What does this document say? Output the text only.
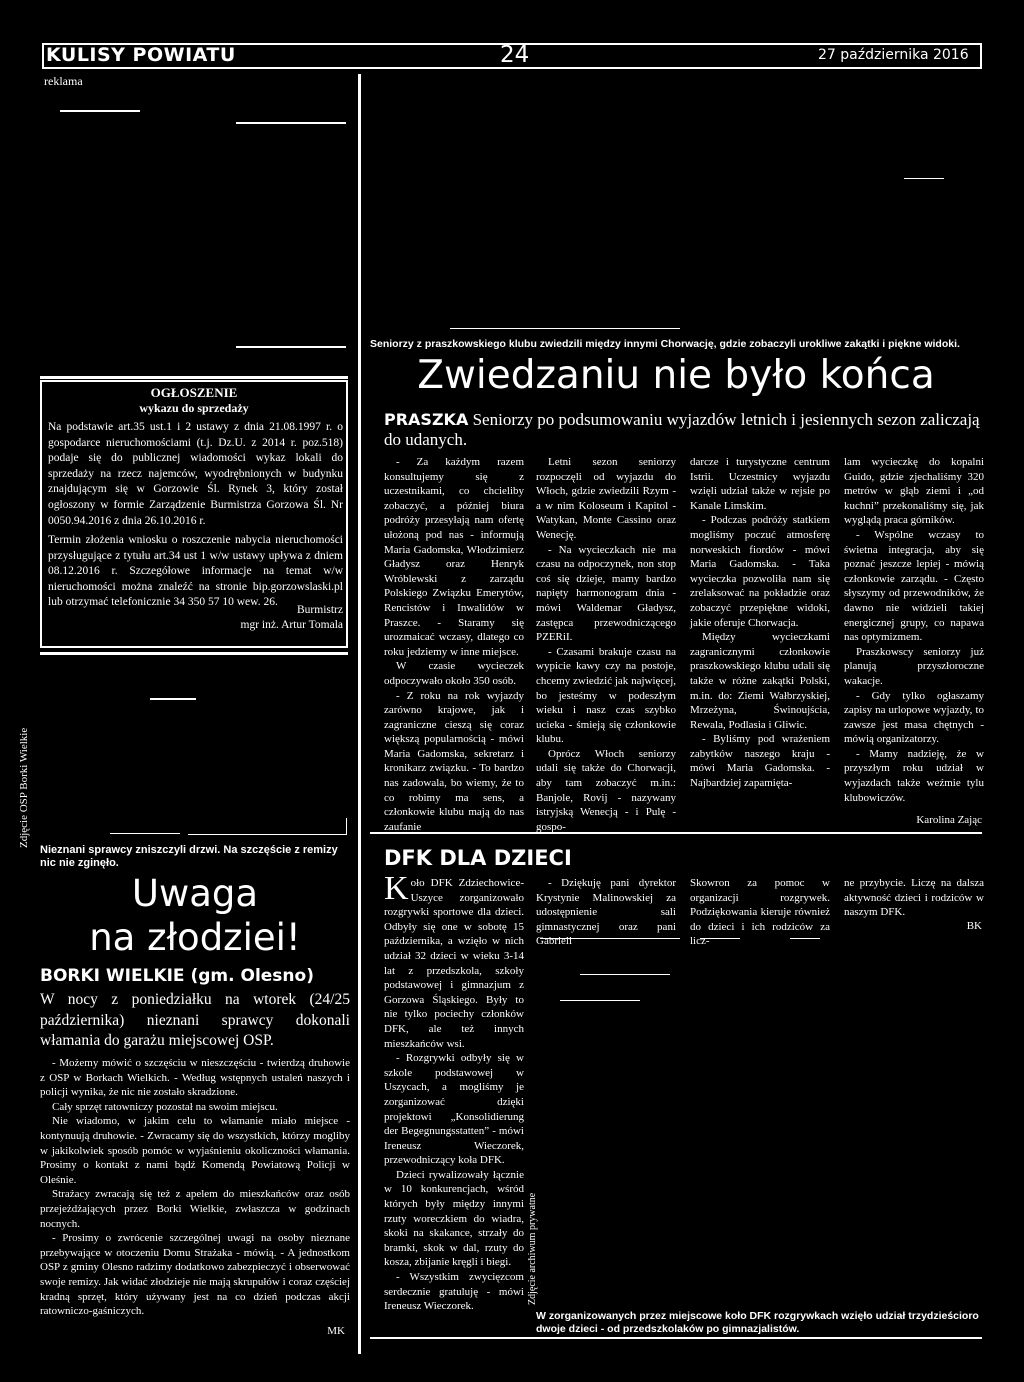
KULISY POWIATU	24	27 października 2016
reklama
OGŁOSZENIE
wykazu do sprzedaży
Na podstawie art.35 ust.1 i 2 ustawy z dnia 21.08.1997 r. o gospodarce nieruchomościami (t.j. Dz.U. z 2014 r. poz.518) podaje się do publicznej wiadomości wykaz lokali do sprzedaży na rzecz najemców, wyodrębnionych w budynku znajdującym się w Gorzowie Śl. Rynek 3, który został ogłoszony w formie Zarządzenie Burmistrza Gorzowa Śl. Nr 0050.94.2016 z dnia 26.10.2016 r.
Termin złożenia wniosku o roszczenie nabycia nieruchomości przysługujące z tytułu art.34 ust 1 w/w ustawy upływa z dniem 08.12.2016 r. Szczegółowe informacje na temat w/w nieruchomości można znaleźć na stronie bip.gorzowslaski.pl lub otrzymać telefonicznie 34 350 57 10 wew. 26.
Burmistrz
mgr inż. Artur Tomala
Zdjęcie OSP Borki Wielkie
Nieznani sprawcy zniszczyli drzwi. Na szczęście z remizy nic nie zginęło.
Uwaga
na złodziei!
BORKI WIELKIE (gm. Olesno)
W nocy z poniedziałku na wtorek (24/25 października) nieznani sprawcy dokonali włamania do garażu miejscowej OSP.
- Możemy mówić o szczęściu w nieszczęściu - twierdzą druhowie z OSP w Borkach Wielkich. - Według wstępnych ustaleń naszych i policji wynika, że nic nie zostało skradzione.
Cały sprzęt ratowniczy pozostał na swoim miejscu.
Nie wiadomo, w jakim celu to włamanie miało miejsce - kontynuują druhowie. - Zwracamy się do wszystkich, którzy mogliby w jakikolwiek sposób pomóc w wyjaśnieniu okoliczności włamania. Prosimy o kontakt z nami bądź Komendą Powiatową Policji w Oleśnie.
Strażacy zwracają się też z apelem do mieszkańców oraz osób przejeżdżających przez Borki Wielkie, zwłaszcza w godzinach nocnych.
- Prosimy o zwrócenie szczególnej uwagi na osoby nieznane przebywające w otoczeniu Domu Strażaka - mówią. - A jednostkom OSP z gminy Olesno radzimy dodatkowo zabezpieczyć i obserwować swoje remizy. Jak widać złodzieje nie mają skrupułów i coraz częściej kradną sprzęt, który używany jest na co dzień podczas akcji ratowniczo-gaśniczych.
MK
Seniorzy z praszkowskiego klubu zwiedzili między innymi Chorwację, gdzie zobaczyli urokliwe zakątki i piękne widoki.
Zwiedzaniu nie było końca
PRASZKA Seniorzy po podsumowaniu wyjazdów letnich i jesiennych sezon zaliczają do udanych.
- Za każdym razem konsultujemy się z uczestnikami, co chcieliby zobaczyć, a później biura podróży przesyłają nam ofertę ułożoną pod nas - informują Maria Gadomska, Włodzimierz Gładysz oraz Henryk Wróblewski z zarządu Polskiego Związku Emerytów, Rencistów i Inwalidów w Praszce. - Staramy się urozmaicać wczasy, dlatego co roku jedziemy w inne miejsce.
W czasie wycieczek odpoczywało około 350 osób.
- Z roku na rok wyjazdy zarówno krajowe, jak i zagraniczne cieszą się coraz większą popularnością - mówi Maria Gadomska, sekretarz i kronikarz związku. - To bardzo nas zadowala, bo wiemy, że to co robimy ma sens, a członkowie klubu mają do nas zaufanie
Letni sezon seniorzy rozpoczęli od wyjazdu do Włoch, gdzie zwiedzili Rzym - a w nim Koloseum i Kapitol - Watykan, Monte Cassino oraz Wenecję.
- Na wycieczkach nie ma czasu na odpoczynek, non stop coś się dzieje, mamy bardzo napięty harmonogram dnia - mówi Waldemar Gładysz, zastępca przewodniczącego PZERiI.
- Czasami brakuje czasu na wypicie kawy czy na postoje, chcemy zwiedzić jak najwięcej, bo jesteśmy w podeszłym wieku i nasz czas szybko ucieka - śmieją się członkowie klubu.
Oprócz Włoch seniorzy udali się także do Chorwacji, aby tam zobaczyć m.in.: Banjole, Rovij - nazywany istryjską Wenecją - i Pulę - gospo-
darcze i turystyczne centrum Istrii. Uczestnicy wyjazdu wzięli udział także w rejsie po Kanale Limskim.
- Podczas podróży statkiem mogliśmy poczuć atmosferę norweskich fiordów - mówi Maria Gadomska. - Taka wycieczka pozwoliła nam się zrelaksować na pokładzie oraz zobaczyć przepiękne widoki, jakie oferuje Chorwacja.
Między wycieczkami zagranicznymi członkowie praszkowskiego klubu udali się także w różne zakątki Polski, m.in. do: Ziemi Wałbrzyskiej, Mrzeżyna, Świnoujścia, Rewala, Podlasia i Gliwic.
- Byliśmy pod wrażeniem zabytków naszego kraju - mówi Maria Gadomska. - Najbardziej zapamięta-
lam wycieczkę do kopalni Guido, gdzie zjechaliśmy 320 metrów w głąb ziemi i „od kuchni” przekonaliśmy się, jak wyglądą praca górników.
- Wspólne wczasy to świetna integracja, aby się poznać jeszcze lepiej - mówią członkowie zarządu. - Często słyszymy od przewodników, że dawno nie widzieli takiej energicznej grupy, co napawa nas optymizmem.
Praszkowscy seniorzy już planują przyszłoroczne wakacje.
- Gdy tylko ogłaszamy zapisy na urlopowe wyjazdy, to zawsze jest masa chętnych - mówią organizatorzy.
- Mamy nadzieję, że w przyszłym roku udział w wyjazdach także weźmie tylu klubowiczów.
Karolina Zając
DFK DLA DZIECI
Koło DFK Zdziechowice-Uszyce zorganizowało rozgrywki sportowe dla dzieci. Odbyły się one w sobotę 15 października, a wzięło w nich udział 32 dzieci w wieku 3-14 lat z przedszkola, szkoły podstawowej i gimnazjum z Gorzowa Śląskiego. Były to nie tylko pociechy członków DFK, ale też innych mieszkańców wsi.
- Rozgrywki odbyły się w szkole podstawowej w Uszycach, a mogliśmy je zorganizować dzięki projektowi „Konsolidierung der Begegnungsstatten” - mówi Ireneusz Wieczorek, przewodniczący koła DFK.
Dzieci rywalizowały łącznie w 10 konkurencjach, wśród których były między innymi rzuty woreczkiem do wiadra, skoki na skakance, strzały do bramki, skok w dal, rzuty do kosza, zbijanie kręgli i biegi.
- Wszystkim zwycięzcom serdecznie gratuluję - mówi Ireneusz Wieczorek.
- Dziękuję pani dyrektor Krystynie Malinowskiej za udostępnienie sali gimnastycznej oraz pani Gabrieli
Skowron za pomoc w organizacji rozgrywek. Podziękowania kieruje również do dzieci i ich rodziców za licz-
ne przybycie. Liczę na dalsza aktywność dzieci i rodziców w naszym DFK.
BK
Zdjęcie archiwum prywatne
W zorganizowanych przez miejscowe koło DFK rozgrywkach wzięło udział trzydzieścioro dwoje dzieci - od przedszkolaków po gimnazjalistów.
